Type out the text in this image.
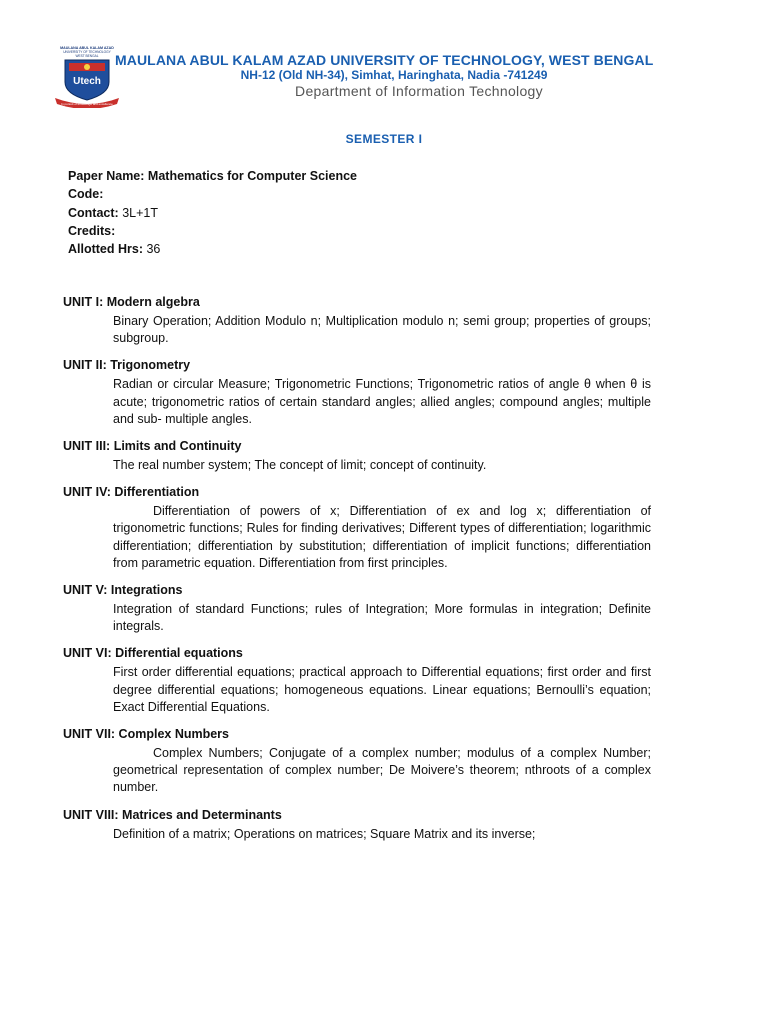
MAULANA ABUL KALAM AZAD
UNIVERSITY OF TECHNOLOGY
WEST BENGAL
Utech
In pursuit of knowledge and excellence
MAULANA ABUL KALAM AZAD UNIVERSITY OF TECHNOLOGY, WEST BENGAL
NH-12 (Old NH-34), Simhat, Haringhata, Nadia -741249
Department of Information Technology
SEMESTER I
Paper Name: Mathematics for Computer Science
Code:
Contact: 3L+1T
Credits:
Allotted Hrs: 36
UNIT I: Modern algebra
Binary Operation; Addition Modulo n; Multiplication modulo n; semi group; properties of groups; subgroup.
UNIT II: Trigonometry
Radian or circular Measure; Trigonometric Functions; Trigonometric ratios of angle θ when θ is acute; trigonometric ratios of certain standard angles; allied angles; compound angles; multiple and sub- multiple angles.
UNIT III: Limits and Continuity
The real number system; The concept of limit; concept of continuity.
UNIT IV: Differentiation
Differentiation of powers of x; Differentiation of ex and log x; differentiation of trigonometric functions; Rules for finding derivatives; Different types of differentiation; logarithmic differentiation; differentiation by substitution; differentiation of implicit functions; differentiation from parametric equation. Differentiation from first principles.
UNIT V: Integrations
Integration of standard Functions; rules of Integration; More formulas in integration; Definite integrals.
UNIT VI: Differential equations
First order differential equations; practical approach to Differential equations; first order and first degree differential equations; homogeneous equations. Linear equations; Bernoulli’s equation; Exact Differential Equations.
UNIT VII: Complex Numbers
Complex Numbers; Conjugate of a complex number; modulus of a complex Number; geometrical representation of complex number; De Moivere’s theorem; nthroots of a complex number.
UNIT VIII: Matrices and Determinants
Definition of a matrix; Operations on matrices; Square Matrix and its inverse;
